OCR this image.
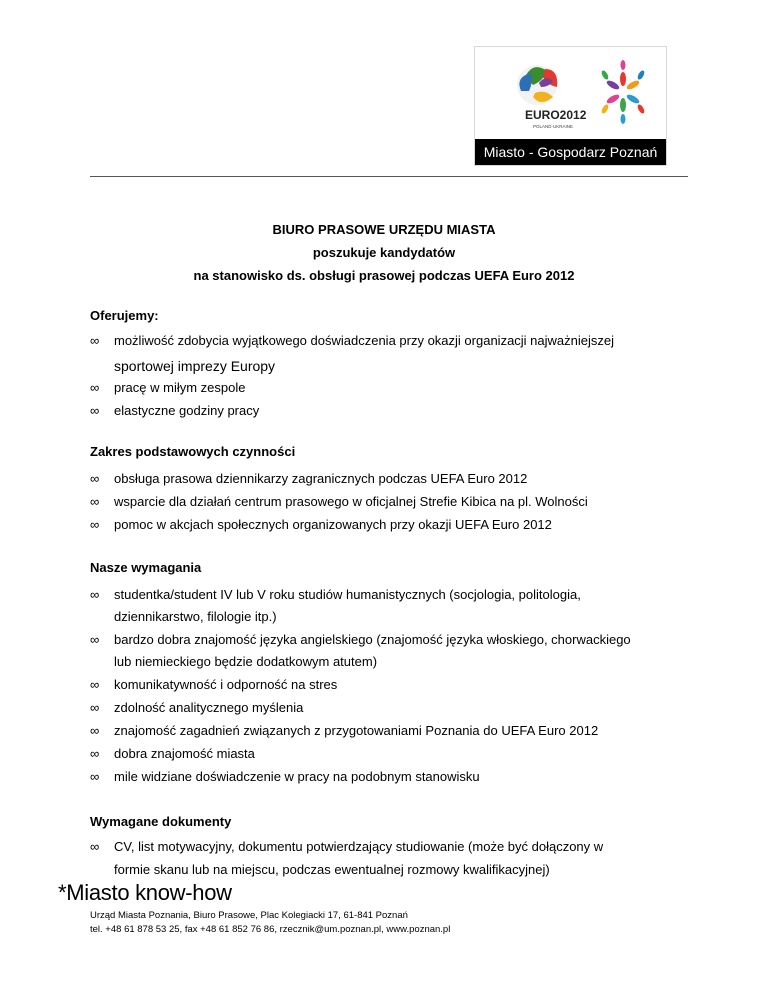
EURO2012
POLAND·UKRAINE
Miasto - Gospodarz Poznań
BIURO PRASOWE URZĘDU MIASTA
poszukuje kandydatów
na stanowisko ds. obsługi prasowej podczas UEFA Euro 2012
Oferujemy:
∞ możliwość zdobycia wyjątkowego doświadczenia przy okazji organizacji najważniejszej
sportowej imprezy Europy
∞ pracę w miłym zespole
∞ elastyczne godziny pracy
Zakres podstawowych czynności
∞ obsługa prasowa dziennikarzy zagranicznych podczas UEFA Euro 2012
∞ wsparcie dla działań centrum prasowego w oficjalnej Strefie Kibica na pl. Wolności
∞ pomoc w akcjach społecznych organizowanych przy okazji UEFA Euro 2012
Nasze wymagania
∞ studentka/student IV lub V roku studiów humanistycznych (socjologia, politologia,
dziennikarstwo, filologie itp.)
∞ bardzo dobra znajomość języka angielskiego (znajomość języka włoskiego, chorwackiego
lub niemieckiego będzie dodatkowym atutem)
∞ komunikatywność i odporność na stres
∞ zdolność analitycznego myślenia
∞ znajomość zagadnień związanych z przygotowaniami Poznania do UEFA Euro 2012
∞ dobra znajomość miasta
∞ mile widziane doświadczenie w pracy na podobnym stanowisku
Wymagane dokumenty
∞ CV, list motywacyjny, dokumentu potwierdzający studiowanie (może być dołączony w
formie skanu lub na miejscu, podczas ewentualnej rozmowy kwalifikacyjnej)
*Miasto know-how
Urząd Miasta Poznania, Biuro Prasowe, Plac Kolegiacki 17, 61-841 Poznań
tel. +48 61 878 53 25, fax +48 61 852 76 86, rzecznik@um.poznan.pl, www.poznan.pl
